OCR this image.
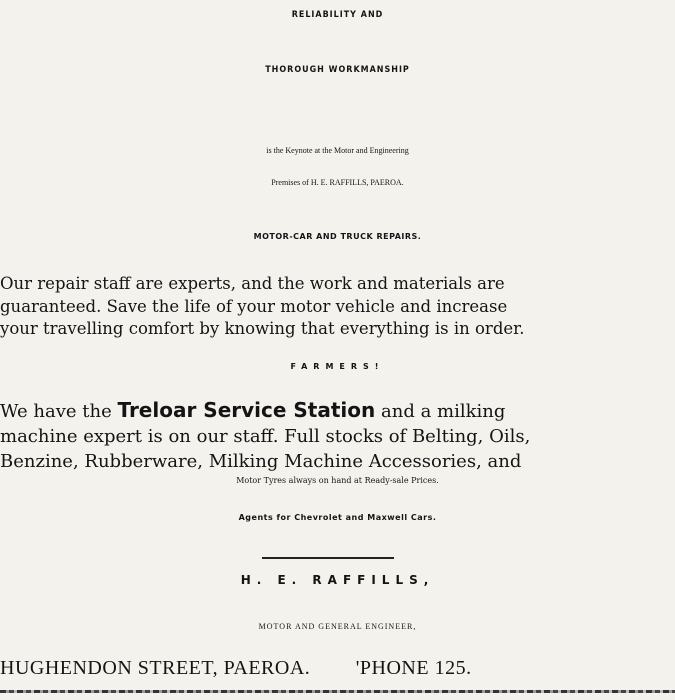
RELIABILITY AND
THOROUGH WORKMANSHIP
is the Keynote at the Motor and Engineering
Premises of H. E. RAFFILLS, PAEROA.
MOTOR-CAR AND TRUCK REPAIRS.
Our repair staff are experts, and the work and materials are
guaranteed. Save the life of your motor vehicle and increase
your travelling comfort by knowing that everything is in order.
FARMERS!
We have the Treloar Service Station and a milking
machine expert is on our staff. Full stocks of Belting, Oils,
Benzine, Rubberware, Milking Machine Accessories, and
Motor Tyres always on hand at Ready-sale Prices.
Agents for Chevrolet and Maxwell Cars.
H. E. RAFFILLS,
MOTOR AND GENERAL ENGINEER,
HUGHENDON STREET, PAEROA. 'PHONE 125.
